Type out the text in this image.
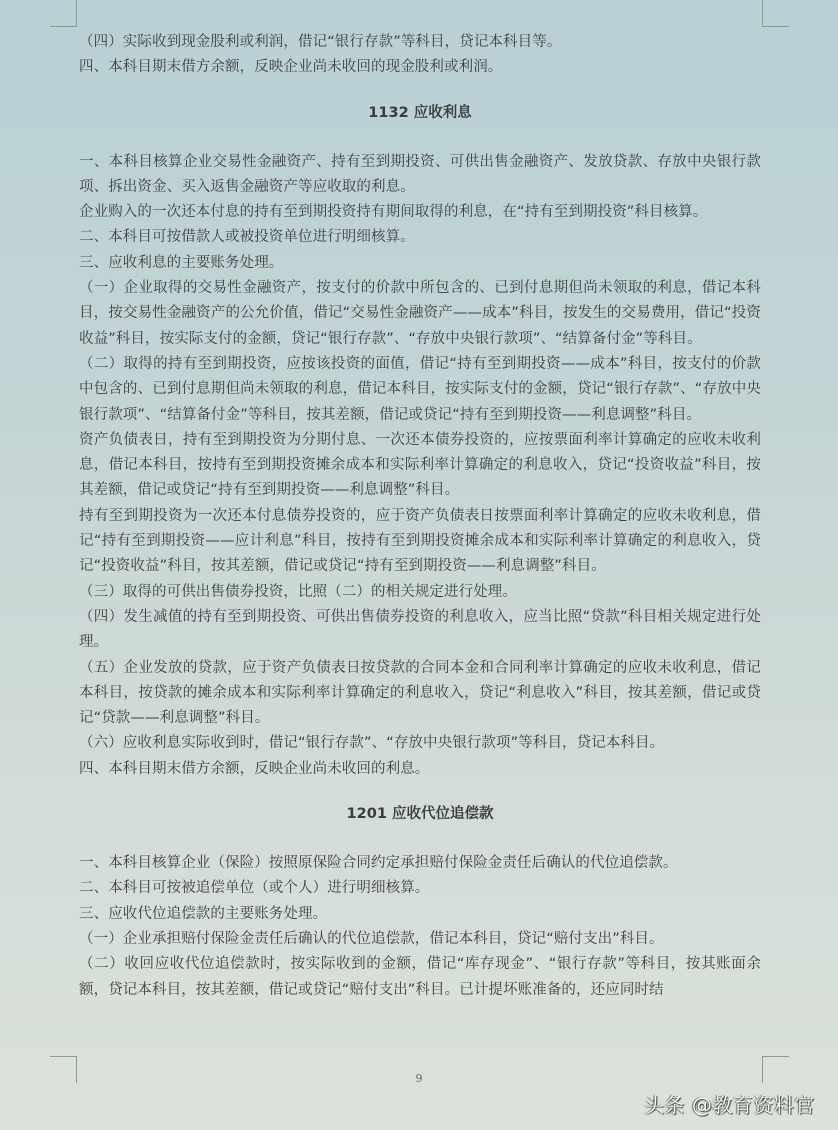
（四）实际收到现金股利或利润，借记“银行存款”等科目，贷记本科目等。

四、本科目期末借方余额，反映企业尚未收回的现金股利或利润。

1132 应收利息

一、本科目核算企业交易性金融资产、持有至到期投资、可供出售金融资产、发放贷款、存放中央银行款项、拆出资金、买入返售金融资产等应收取的利息。

企业购入的一次还本付息的持有至到期投资持有期间取得的利息，在“持有至到期投资”科目核算。

二、本科目可按借款人或被投资单位进行明细核算。

三、应收利息的主要账务处理。

（一）企业取得的交易性金融资产，按支付的价款中所包含的、已到付息期但尚未领取的利息，借记本科目，按交易性金融资产的公允价值，借记“交易性金融资产——成本”科目，按发生的交易费用，借记“投资收益”科目，按实际支付的金额，贷记“银行存款”、“存放中央银行款项”、“结算备付金”等科目。

（二）取得的持有至到期投资，应按该投资的面值，借记“持有至到期投资——成本”科目，按支付的价款中包含的、已到付息期但尚未领取的利息，借记本科目，按实际支付的金额，贷记“银行存款”、“存放中央银行款项”、“结算备付金”等科目，按其差额，借记或贷记“持有至到期投资——利息调整”科目。

资产负债表日，持有至到期投资为分期付息、一次还本债券投资的，应按票面利率计算确定的应收未收利息，借记本科目，按持有至到期投资摊余成本和实际利率计算确定的利息收入，贷记“投资收益”科目，按其差额，借记或贷记“持有至到期投资——利息调整”科目。

持有至到期投资为一次还本付息债券投资的，应于资产负债表日按票面利率计算确定的应收未收利息，借记“持有至到期投资——应计利息”科目，按持有至到期投资摊余成本和实际利率计算确定的利息收入，贷记“投资收益”科目，按其差额，借记或贷记“持有至到期投资——利息调整”科目。

（三）取得的可供出售债券投资，比照（二）的相关规定进行处理。

（四）发生减值的持有至到期投资、可供出售债券投资的利息收入，应当比照“贷款”科目相关规定进行处理。

（五）企业发放的贷款，应于资产负债表日按贷款的合同本金和合同利率计算确定的应收未收利息，借记本科目，按贷款的摊余成本和实际利率计算确定的利息收入，贷记“利息收入”科目，按其差额，借记或贷记“贷款——利息调整”科目。

（六）应收利息实际收到时，借记“银行存款”、“存放中央银行款项”等科目，贷记本科目。

四、本科目期末借方余额，反映企业尚未收回的利息。

1201 应收代位追偿款

一、本科目核算企业（保险）按照原保险合同约定承担赔付保险金责任后确认的代位追偿款。

二、本科目可按被追偿单位（或个人）进行明细核算。

三、应收代位追偿款的主要账务处理。

（一）企业承担赔付保险金责任后确认的代位追偿款，借记本科目，贷记“赔付支出”科目。

（二）收回应收代位追偿款时，按实际收到的金额，借记“库存现金”、“银行存款”等科目，按其账面余额，贷记本科目，按其差额，借记或贷记“赔付支出”科目。已计提坏账准备的，还应同时结

9
头条 @教育资料官
